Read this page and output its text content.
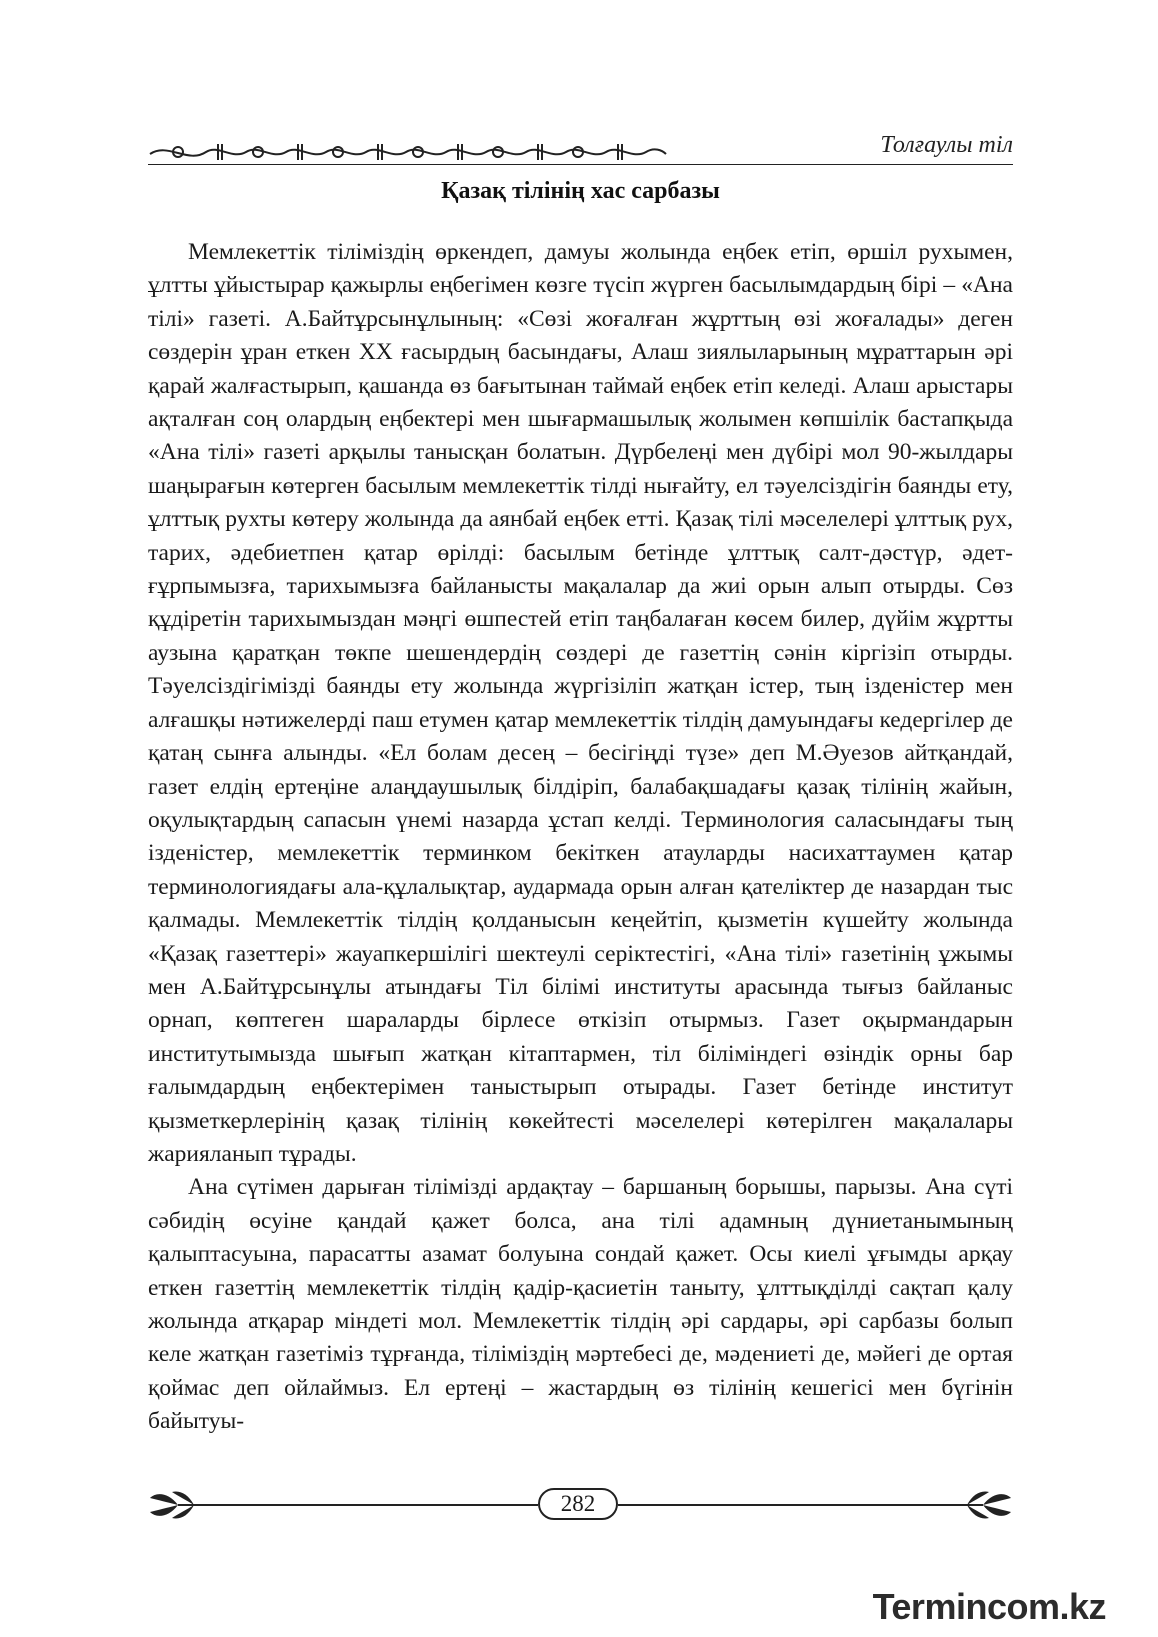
Толғаулы тіл
Қазақ тілінің хас сарбазы

Мемлекеттік тіліміздің өркендеп, дамуы жолында еңбек етіп, өршіл рухымен, ұлтты ұйыстырар қажырлы еңбегімен көзге түсіп жүрген басылымдардың бірі – «Ана тілі» газеті. А.Байтұрсынұлының: «Сөзі жоғалған жұрттың өзі жоғалады» деген сөздерін ұран еткен XX ғасырдың басындағы, Алаш зиялыларының мұраттарын әрі қарай жалғастырып, қашанда өз бағытынан таймай еңбек етіп келеді. Алаш арыстары ақталған соң олардың еңбектері мен шығармашылық жолымен көпшілік бастапқыда «Ана тілі» газеті арқылы танысқан болатын. Дүрбелеңі мен дүбірі мол 90-жылдары шаңырағын көтерген басылым мемлекеттік тілді нығайту, ел тәуелсіздігін баянды ету, ұлттық рухты көтеру жолында да аянбай еңбек етті. Қазақ тілі мәселелері ұлттық рух, тарих, әдебиетпен қатар өрілді: басылым бетінде ұлттық салт-дәстүр, әдет-ғұрпымызға, тарихымызға байланысты мақалалар да жиі орын алып отырды. Сөз құдіретін тарихымыздан мәңгі өшпестей етіп таңбалаған көсем билер, дүйім жұртты аузына қаратқан төкпе шешендердің сөздері де газеттің сәнін кіргізіп отырды. Тәуелсіздігімізді баянды ету жолында жүргізіліп жатқан істер, тың ізденістер мен алғашқы нәтижелерді паш етумен қатар мемлекеттік тілдің дамуындағы кедергілер де қатаң сынға алынды. «Ел болам десең – бесігіңді түзе» деп М.Әуезов айтқандай, газет елдің ертеңіне алаңдаушылық білдіріп, балабақшадағы қазақ тілінің жайын, оқулықтардың сапасын үнемі назарда ұстап келді. Терминология саласындағы тың ізденістер, мемлекеттік терминком бекіткен атауларды насихаттаумен қатар терминологиядағы ала-құлалықтар, аудармада орын алған қателіктер де назардан тыс қалмады. Мемлекеттік тілдің қолданысын кеңейтіп, қызметін күшейту жолында «Қазақ газеттері» жауапкершілігі шектеулі серіктестігі, «Ана тілі» газетінің ұжымы мен А.Байтұрсынұлы атындағы Тіл білімі институты арасында тығыз байланыс орнап, көптеген шараларды бірлесе өткізіп отырмыз. Газет оқырмандарын институтымызда шығып жатқан кітаптармен, тіл біліміндегі өзіндік орны бар ғалымдардың еңбектерімен таныстырып отырады. Газет бетінде институт қызметкерлерінің қазақ тілінің көкейтесті мәселелері көтерілген мақалалары жарияланып тұрады.

Ана сүтімен дарыған тілімізді ардақтау – баршаның борышы, парызы. Ана сүті сәбидің өсуіне қандай қажет болса, ана тілі адамның дүниетанымының қалыптасуына, парасатты азамат болуына сондай қажет. Осы киелі ұғымды арқау еткен газеттің мемлекеттік тілдің қадір-қасиетін таныту, ұлттықділді сақтап қалу жолында атқарар міндеті мол. Мемлекеттік тілдің әрі сардары, әрі сарбазы болып келе жатқан газетіміз тұрғанда, тіліміздің мәртебесі де, мәдениеті де, мәйегі де ортая қоймас деп ойлаймыз. Ел ертеңі – жастардың өз тілінің кешегісі мен бүгінін байытуы-

282
Termincom.kz
